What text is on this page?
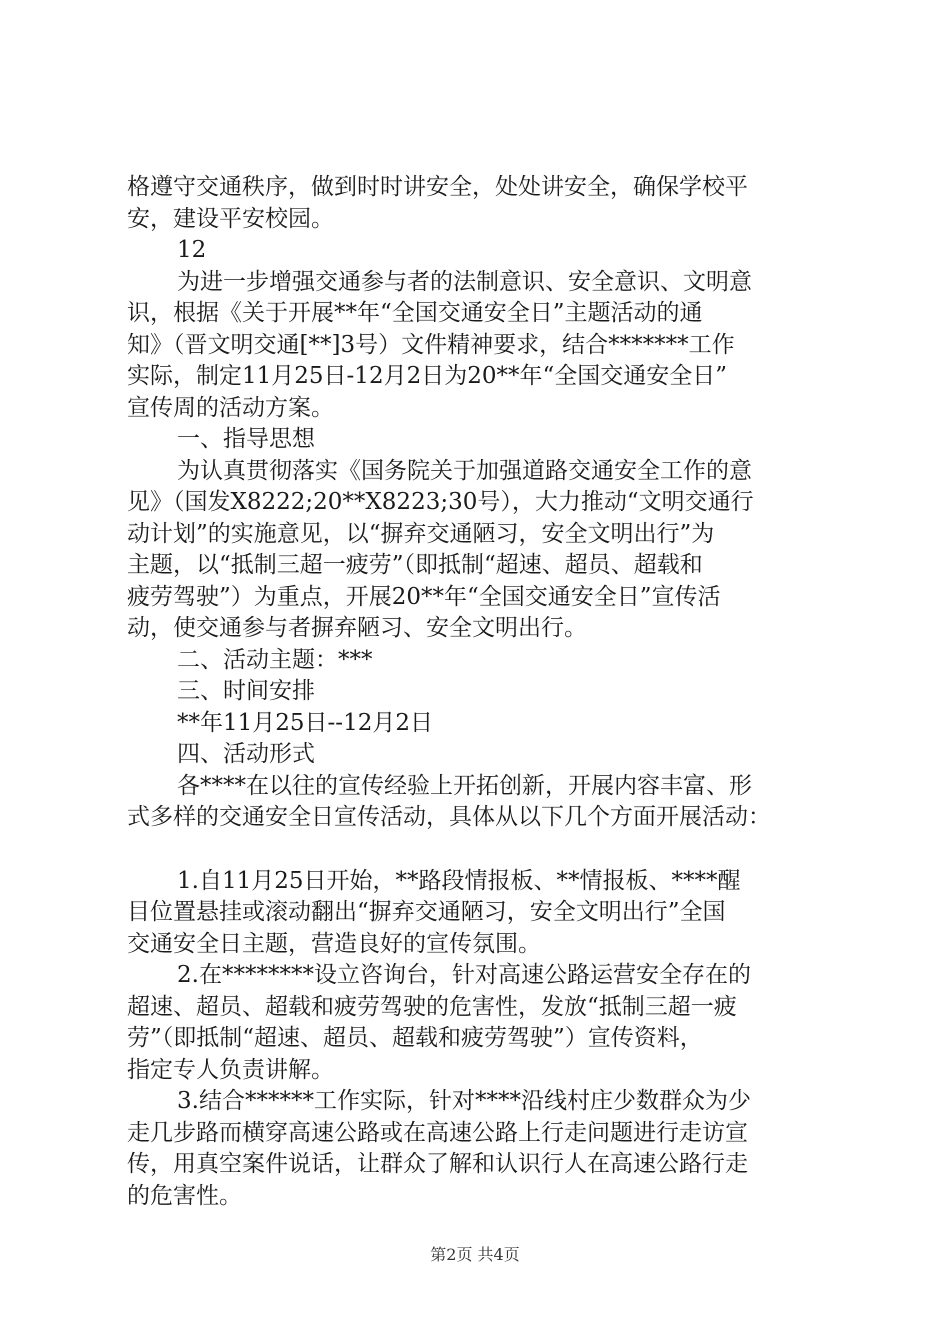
格遵守交通秩序，做到时时讲安全，处处讲安全，确保学校平
安，建设平安校园。
12
为进一步增强交通参与者的法制意识、安全意识、文明意
识，根据《关于开展**年“全国交通安全日”主题活动的通
知》（晋文明交通[**]3号）文件精神要求，结合*******工作
实际，制定11月25日-12月2日为20**年“全国交通安全日”
宣传周的活动方案。
一、指导思想
为认真贯彻落实《国务院关于加强道路交通安全工作的意
见》（国发X8222;20**X8223;30号），大力推动“文明交通行
动计划”的实施意见，以“摒弃交通陋习，安全文明出行”为
主题，以“抵制三超一疲劳”（即抵制“超速、超员、超载和
疲劳驾驶”）为重点，开展20**年“全国交通安全日”宣传活
动，使交通参与者摒弃陋习、安全文明出行。
二、活动主题：***
三、时间安排
**年11月25日--12月2日
四、活动形式
各****在以往的宣传经验上开拓创新，开展内容丰富、形
式多样的交通安全日宣传活动，具体从以下几个方面开展活动：
1.自11月25日开始，**路段情报板、**情报板、****醒
目位置悬挂或滚动翻出“摒弃交通陋习，安全文明出行”全国
交通安全日主题，营造良好的宣传氛围。
2.在********设立咨询台，针对高速公路运营安全存在的
超速、超员、超载和疲劳驾驶的危害性，发放“抵制三超一疲
劳”（即抵制“超速、超员、超载和疲劳驾驶”）宣传资料，
指定专人负责讲解。
3.结合******工作实际，针对****沿线村庄少数群众为少
走几步路而横穿高速公路或在高速公路上行走问题进行走访宣
传，用真空案件说话，让群众了解和认识行人在高速公路行走
的危害性。
第2页 共4页
